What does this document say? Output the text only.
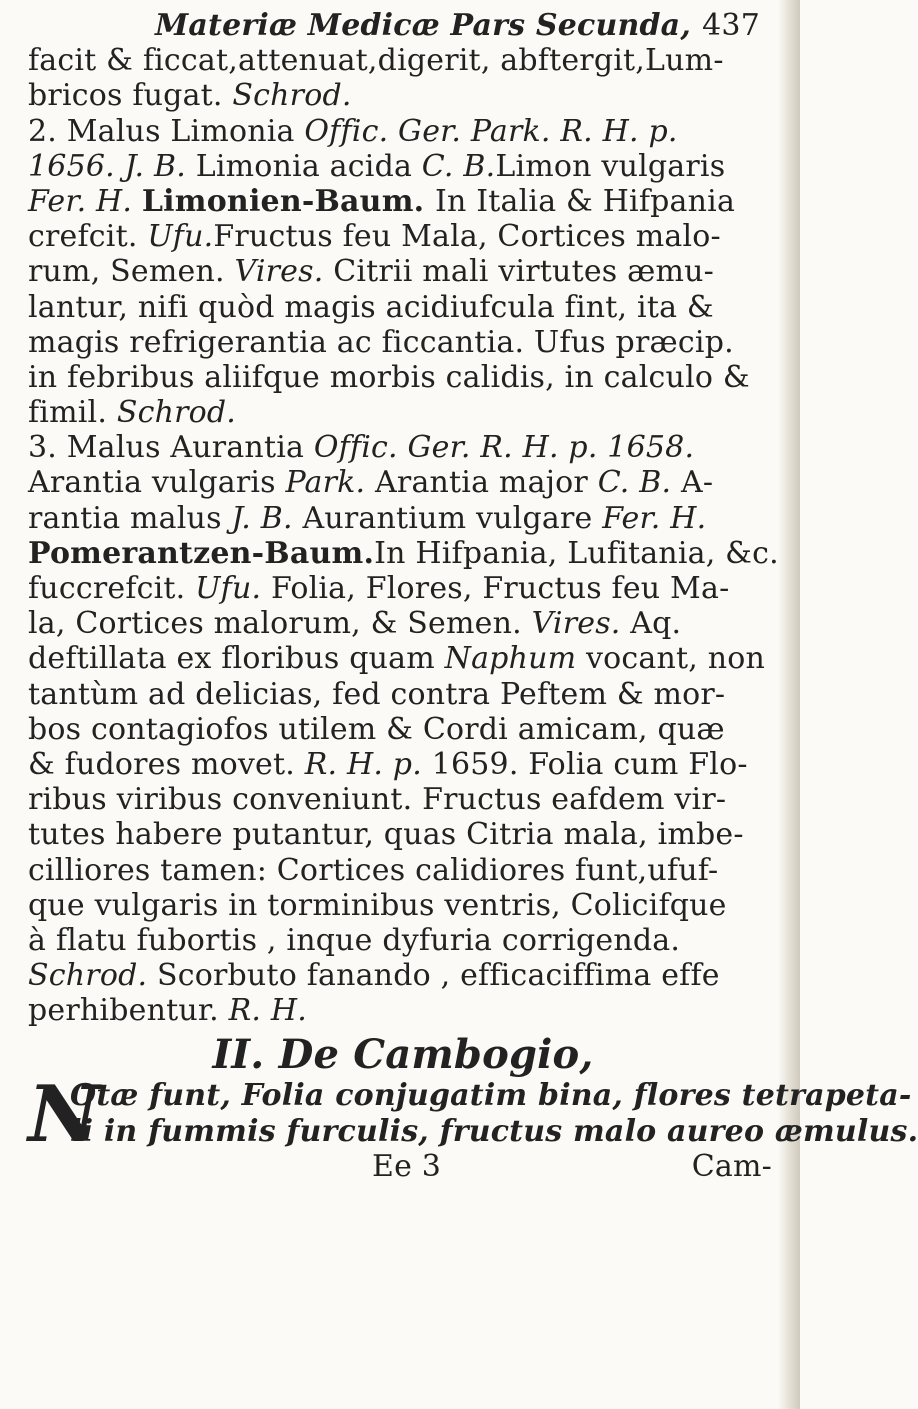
Materiæ Medicæ Pars Secunda, 437
facit & ficcat,attenuat,digerit, abftergit,Lum-
bricos fugat. Schrod.
2. Malus Limonia Offic. Ger. Park. R. H. p.
1656. J. B. Limonia acida C. B.Limon vulgaris
Fer. H. Limonien-Baum. In Italia & Hifpania
crefcit. Ufu.Fructus feu Mala, Cortices malo-
rum, Semen. Vires. Citrii mali virtutes æmu-
lantur, nifi quòd magis acidiufcula fint, ita &
magis refrigerantia ac ficcantia. Ufus præcip.
in febribus aliifque morbis calidis, in calculo &
fimil. Schrod.
3. Malus Aurantia Offic. Ger. R. H. p. 1658.
Arantia vulgaris Park. Arantia major C. B. A-
rantia malus J. B. Aurantium vulgare Fer. H.
Pomerantzen-Baum.In Hifpania, Lufitania, &c.
fuccrefcit. Ufu. Folia, Flores, Fructus feu Ma-
la, Cortices malorum, & Semen. Vires. Aq.
deftillata ex floribus quam Naphum vocant, non
tantùm ad delicias, fed contra Peftem & mor-
bos contagiofos utilem & Cordi amicam, quæ
& fudores movet. R. H. p. 1659. Folia cum Flo-
ribus viribus conveniunt. Fructus eafdem vir-
tutes habere putantur, quas Citria mala, imbe-
cilliores tamen: Cortices calidiores funt,ufuf-
que vulgaris in torminibus ventris, Colicifque
à flatu fubortis , inque dyfuria corrigenda.
Schrod. Scorbuto fanando , efficaciffima effe
perhibentur. R. H.
II. De Cambogio,
N
Otæ funt, Folia conjugatim bina, flores tetrapeta-
li in fummis furculis, fructus malo aureo æmulus.
Ee 3	Cam-
